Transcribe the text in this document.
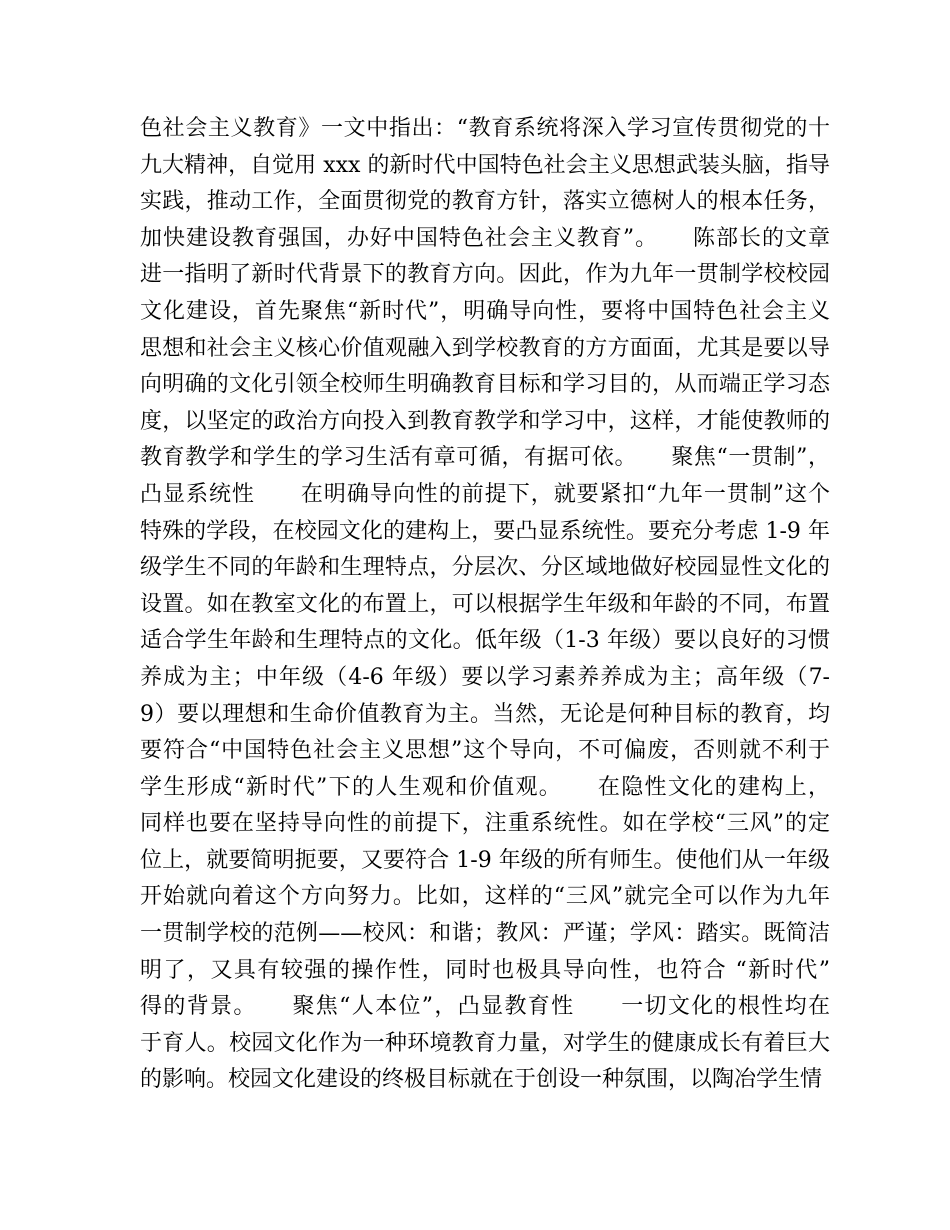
色社会主义教育》一文中指出：“教育系统将深入学习宣传贯彻党的十
九大精神，自觉用 xxx 的新时代中国特色社会主义思想武装头脑，指导
实践，推动工作，全面贯彻党的教育方针，落实立德树人的根本任务，
加快建设教育强国，办好中国特色社会主义教育”。　　陈部长的文章
进一指明了新时代背景下的教育方向。因此，作为九年一贯制学校校园
文化建设，首先聚焦“新时代”，明确导向性，要将中国特色社会主义
思想和社会主义核心价值观融入到学校教育的方方面面，尤其是要以导
向明确的文化引领全校师生明确教育目标和学习目的，从而端正学习态
度，以坚定的政治方向投入到教育教学和学习中，这样，才能使教师的
教育教学和学生的学习生活有章可循，有据可依。　　聚焦“一贯制”，
凸显系统性　　在明确导向性的前提下，就要紧扣“九年一贯制”这个
特殊的学段，在校园文化的建构上，要凸显系统性。要充分考虑 1-9 年
级学生不同的年龄和生理特点，分层次、分区域地做好校园显性文化的
设置。如在教室文化的布置上，可以根据学生年级和年龄的不同，布置
适合学生年龄和生理特点的文化。低年级（1-3 年级）要以良好的习惯
养成为主；中年级（4-6 年级）要以学习素养养成为主；高年级（7-
9）要以理想和生命价值教育为主。当然，无论是何种目标的教育，均
要符合“中国特色社会主义思想”这个导向，不可偏废，否则就不利于
学生形成“新时代”下的人生观和价值观。　　在隐性文化的建构上，
同样也要在坚持导向性的前提下，注重系统性。如在学校“三风”的定
位上，就要简明扼要，又要符合 1-9 年级的所有师生。使他们从一年级
开始就向着这个方向努力。比如，这样的“三风”就完全可以作为九年
一贯制学校的范例——校风：和谐；教风：严谨；学风：踏实。既简洁
明了，又具有较强的操作性，同时也极具导向性，也符合 “新时代”
得的背景。　　聚焦“人本位”，凸显教育性　　一切文化的根性均在
于育人。校园文化作为一种环境教育力量，对学生的健康成长有着巨大
的影响。校园文化建设的终极目标就在于创设一种氛围，以陶冶学生情
